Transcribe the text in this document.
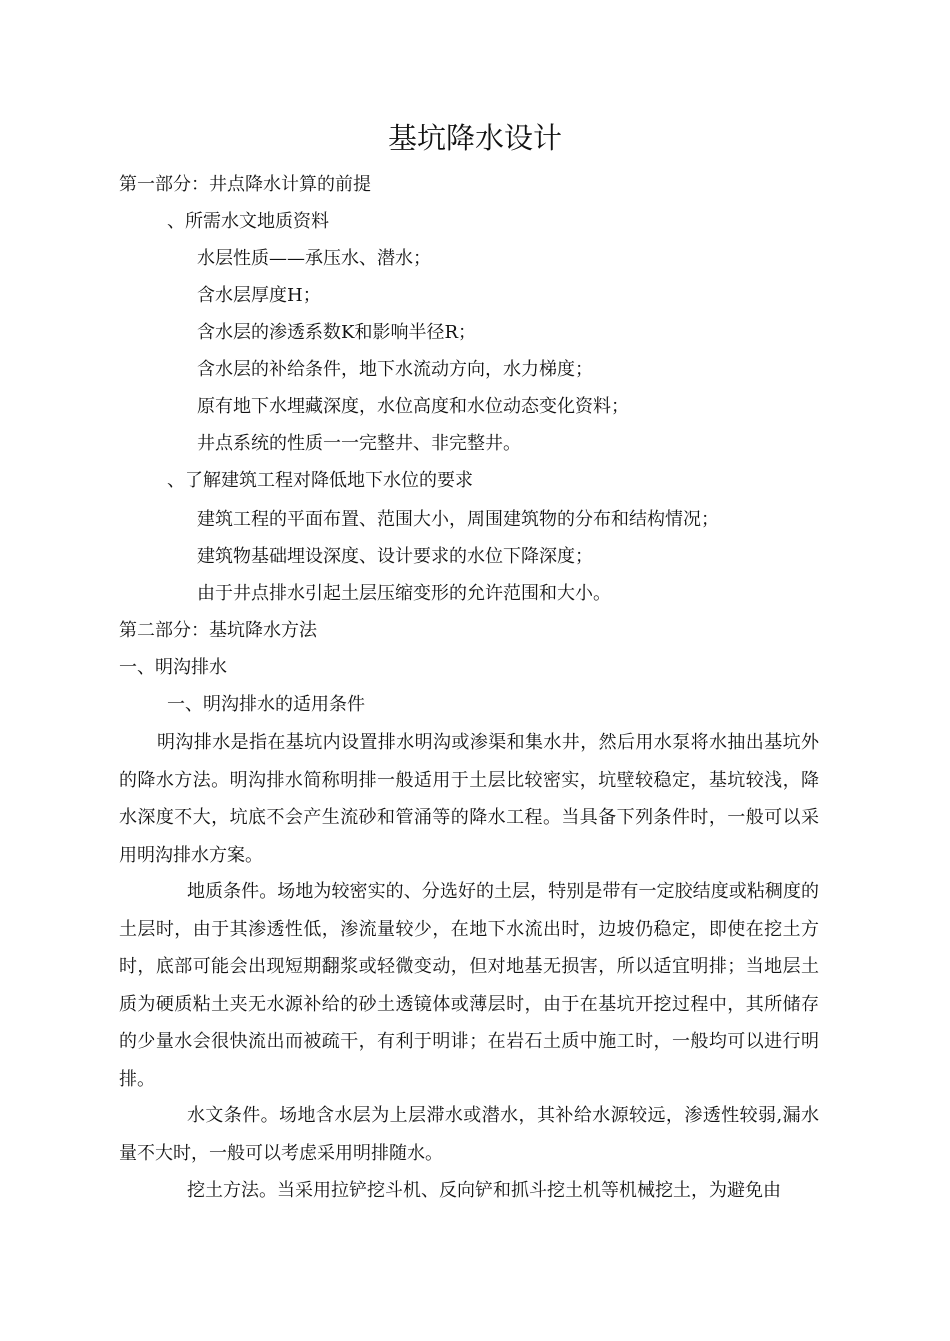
基坑降水设计
第一部分：井点降水计算的前提
、所需水文地质资料
水层性质——承压水、潜水；
含水层厚度H；
含水层的渗透系数K和影响半径R；
含水层的补给条件，地下水流动方向，水力梯度；
原有地下水埋藏深度，水位高度和水位动态变化资料；
井点系统的性质一一完整井、非完整井。
、了解建筑工程对降低地下水位的要求
建筑工程的平面布置、范围大小，周围建筑物的分布和结构情况；
建筑物基础埋设深度、设计要求的水位下降深度；
由于井点排水引起土层压缩变形的允许范围和大小。
第二部分：基坑降水方法
一、明沟排水
一、明沟排水的适用条件
明沟排水是指在基坑内设置排水明沟或渗渠和集水井，然后用水泵将水抽出基坑外的降水方法。明沟排水简称明排一般适用于土层比较密实，坑壁较稳定，基坑较浅，降水深度不大，坑底不会产生流砂和管涌等的降水工程。当具备下列条件时，一般可以采用明沟排水方案。
地质条件。场地为较密实的、分选好的土层，特别是带有一定胶结度或粘稠度的土层时，由于其渗透性低，渗流量较少，在地下水流出时，边坡仍稳定，即使在挖土方时，底部可能会出现短期翻浆或轻微变动，但对地基无损害，所以适宜明排；当地层土质为硬质粘土夹无水源补给的砂土透镜体或薄层时，由于在基坑开挖过程中，其所储存的少量水会很快流出而被疏干，有利于明诽；在岩石土质中施工时，一般均可以进行明排。
水文条件。场地含水层为上层滞水或潜水，其补给水源较远，渗透性较弱,漏水量不大时，一般可以考虑采用明排随水。
挖土方法。当采用拉铲挖斗机、反向铲和抓斗挖土机等机械挖土，为避免由
